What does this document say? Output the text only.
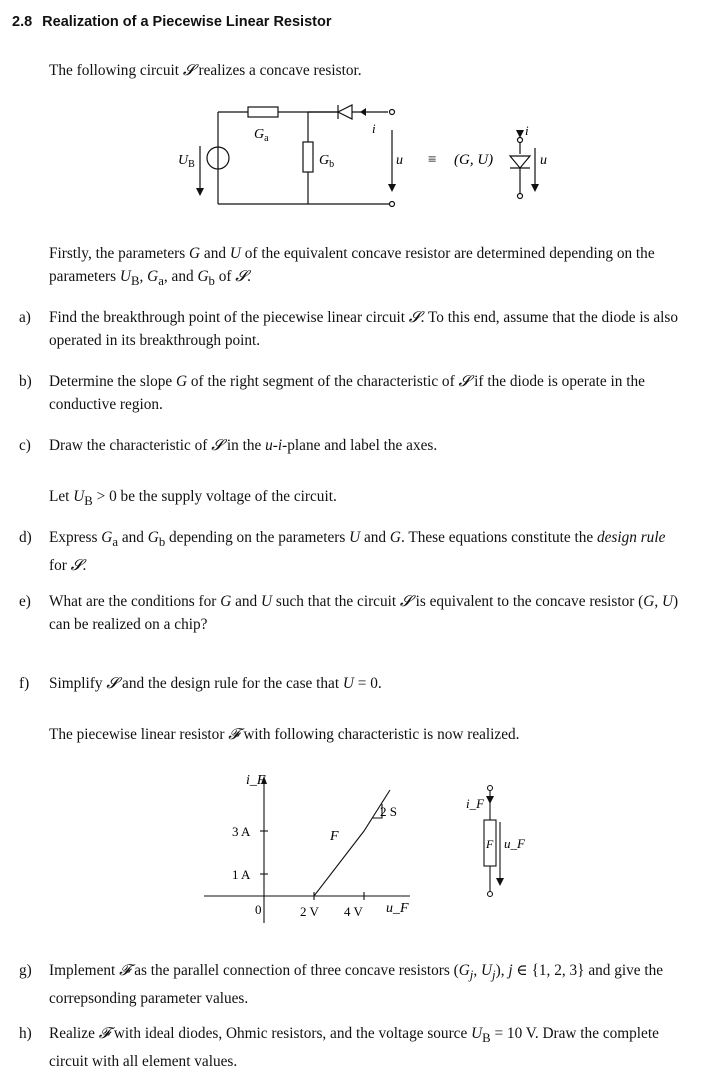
2.8 Realization of a Piecewise Linear Resistor
The following circuit 𝓢 realizes a concave resistor.
$U_B$
$G_a$
$G_b$
i
u ≡ (G, U)
i
u
Firstly, the parameters G and U of the equivalent concave resistor are determined depending on the parameters $U_B$, $G_a$, and $G_b$ of 𝓢.
a) Find the breakthrough point of the piecewise linear circuit 𝓢. To this end, assume that the diode is also operated in its breakthrough point.
b) Determine the slope G of the right segment of the characteristic of 𝓢 if the diode is operate in the conductive region.
c) Draw the characteristic of 𝓢 in the u-i-plane and label the axes.
Let $U_B > 0$ be the supply voltage of the circuit.
d) Express $G_a$ and $G_b$ depending on the parameters U and G. These equations constitute the design rule for 𝓢.
e) What are the conditions for G and U such that the circuit 𝓢 is equivalent to the concave resistor (G, U) can be realized on a chip?
f) Simplify 𝓢 and the design rule for the case that U = 0.
The piecewise linear resistor 𝓕 with following characteristic is now realized.
i_F
3 A
1 A
0	2 V 4 V u_F
F
2 S
i_F
F u_F
g) Implement 𝓕 as the parallel connection of three concave resistors ($G_j$, $U_j$), j ∈ {1, 2, 3} and give the correpsonding parameter values.
h) Realize 𝓕 with ideal diodes, Ohmic resistors, and the voltage source $U_B = 10$ V. Draw the complete circuit with all element values.
